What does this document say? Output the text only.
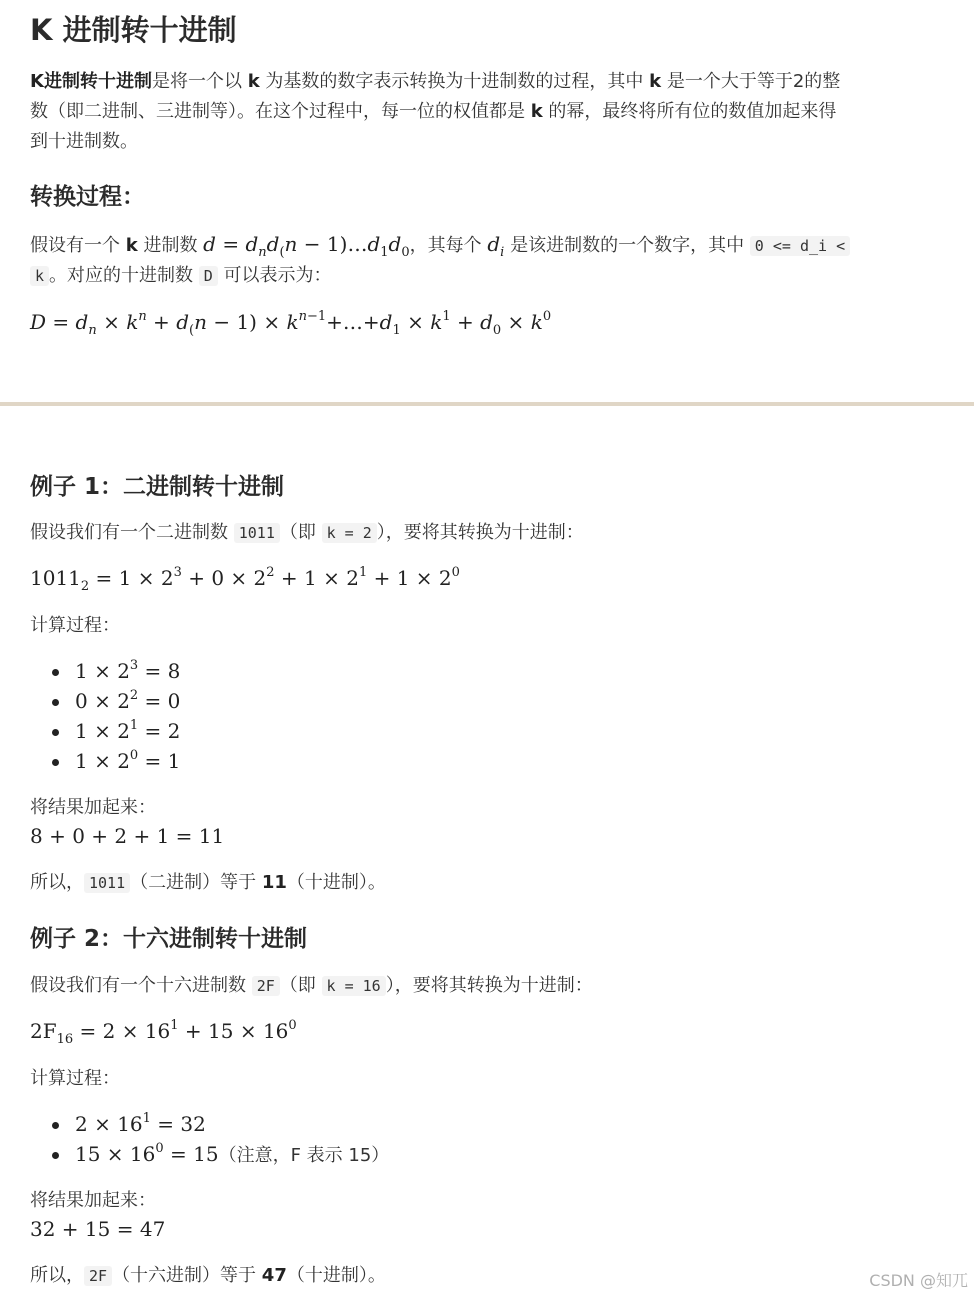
K 进制转十进制
K进制转十进制是将一个以 k 为基数的数字表示转换为十进制数的过程，其中 k 是一个大于等于2的整
数（即二进制、三进制等）。在这个过程中，每一位的权值都是 k 的幂，最终将所有位的数值加起来得
到十进制数。
转换过程：
假设有一个 k 进制数 $d = d_nd_(n$ − $1)\dots d_1d_0$，其每个 $d_i$ 是该进制数的一个数字，其中 0 <= d_i <
k 。对应的十进制数 D 可以表示为：
$D = d_n \times k^n + d_(n - 1$) × $k^{n-1}+\dots+d_1 \times k^1 + d_0 \times k^0$
例子 1：二进制转十进制
假设我们有一个二进制数 1011 （即 k = 2 ），要将其转换为十进制：
$1011_2 = 1 \times 2^3 + 0 \times 2^2 + 1 \times 2^1 + 1 \times 2^0$
计算过程：
$1 \times 2^3 = 8$
$0 \times 2^2 = 0$
$1 \times 2^1 = 2$
$1 \times 2^0 = 1$
将结果加起来：
8 + 0 + 2 + 1 = 11
所以， 1011 （二进制）等于 11（十进制）。
例子 2：十六进制转十进制
假设我们有一个十六进制数 2F （即 k = 16 ），要将其转换为十进制：
$2F_{16} = 2 \times 16^1 + 15 \times 16^0$
计算过程：
$2 \times 16^1 = 32$
$15 \times 16^0 = 15$（注意，F 表示 15）
将结果加起来：
32 + 15 = 47
所以， 2F （十六进制）等于 47（十进制）。	CSDN @知兀
